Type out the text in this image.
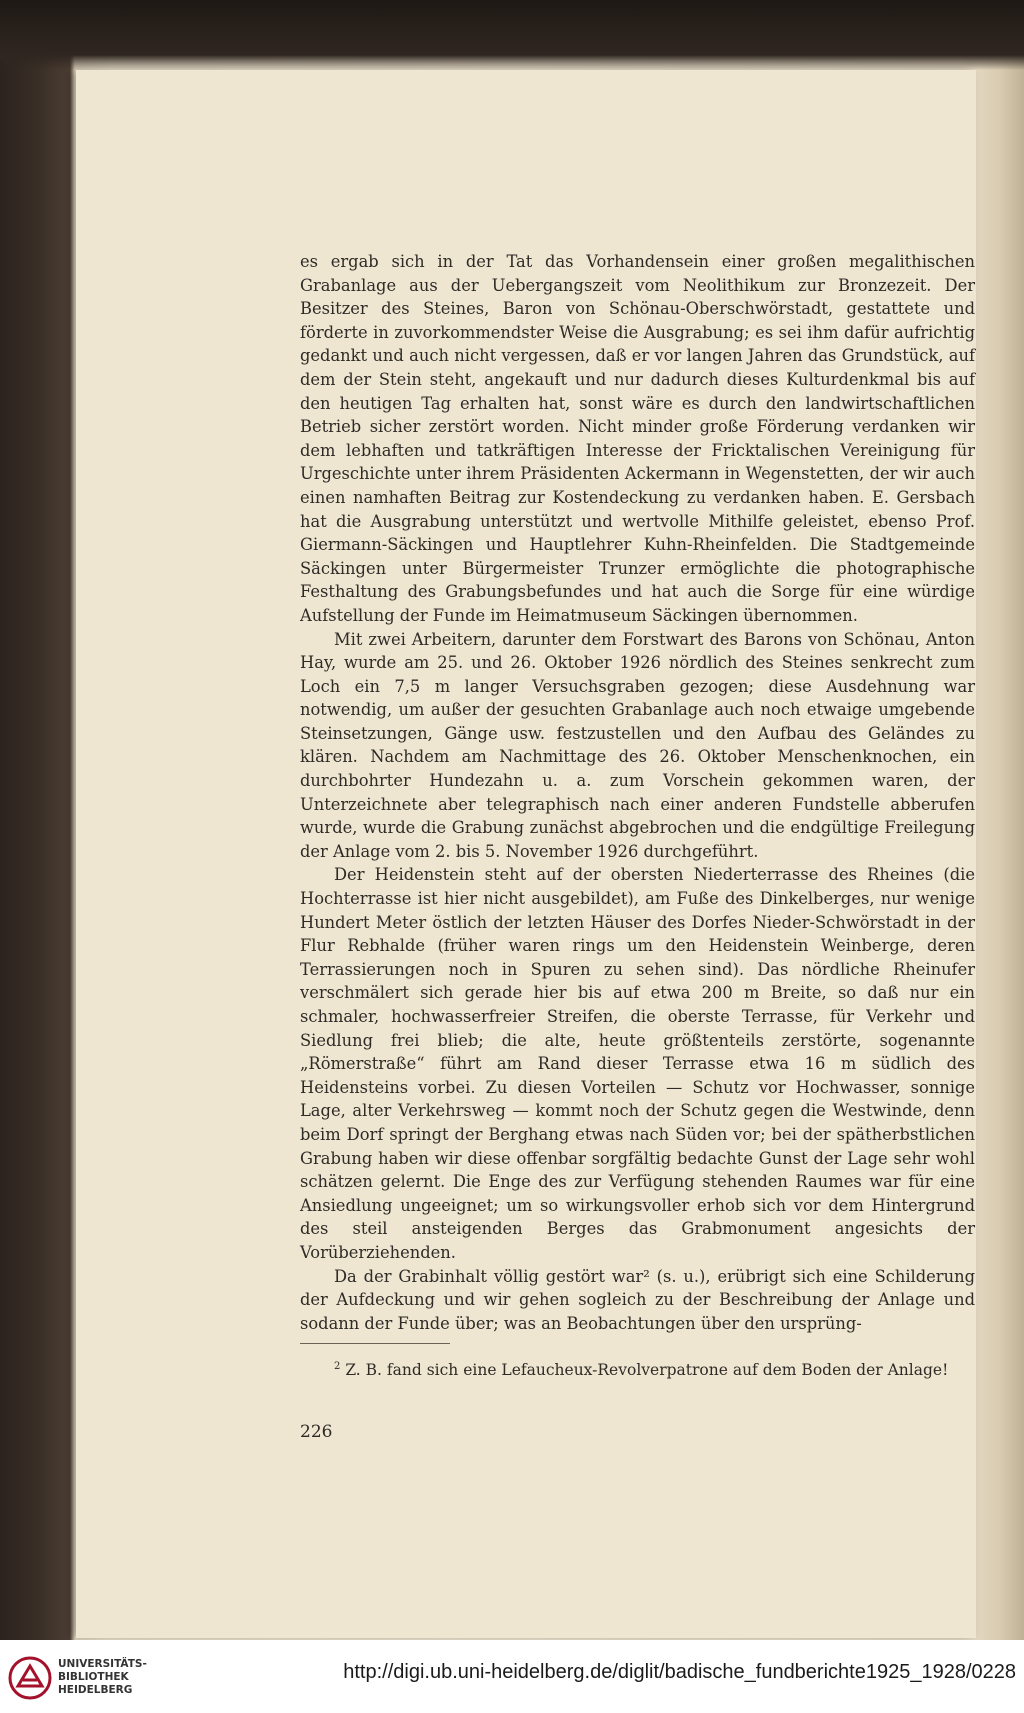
es ergab sich in der Tat das Vorhandensein einer großen megalithischen Grabanlage aus der Uebergangszeit vom Neolithikum zur Bronzezeit. Der Besitzer des Steines, Baron von Schönau-Oberschwörstadt, gestattete und förderte in zuvorkommendster Weise die Ausgrabung; es sei ihm dafür aufrichtig gedankt und auch nicht vergessen, daß er vor langen Jahren das Grundstück, auf dem der Stein steht, angekauft und nur dadurch dieses Kulturdenkmal bis auf den heutigen Tag erhalten hat, sonst wäre es durch den landwirtschaftlichen Betrieb sicher zerstört worden. Nicht minder große Förderung verdanken wir dem lebhaften und tatkräftigen Interesse der Fricktalischen Vereinigung für Urgeschichte unter ihrem Präsidenten Ackermann in Wegenstetten, der wir auch einen namhaften Beitrag zur Kostendeckung zu verdanken haben. E. Gersbach hat die Ausgrabung unterstützt und wertvolle Mithilfe geleistet, ebenso Prof. Giermann-Säckingen und Hauptlehrer Kuhn-Rheinfelden. Die Stadtgemeinde Säckingen unter Bürgermeister Trunzer ermöglichte die photographische Festhaltung des Grabungsbefundes und hat auch die Sorge für eine würdige Aufstellung der Funde im Heimatmuseum Säckingen übernommen.

Mit zwei Arbeitern, darunter dem Forstwart des Barons von Schönau, Anton Hay, wurde am 25. und 26. Oktober 1926 nördlich des Steines senkrecht zum Loch ein 7,5 m langer Versuchsgraben gezogen; diese Ausdehnung war notwendig, um außer der gesuchten Grabanlage auch noch etwaige umgebende Steinsetzungen, Gänge usw. festzustellen und den Aufbau des Geländes zu klären. Nachdem am Nachmittage des 26. Oktober Menschenknochen, ein durchbohrter Hundezahn u. a. zum Vorschein gekommen waren, der Unterzeichnete aber telegraphisch nach einer anderen Fundstelle abberufen wurde, wurde die Grabung zunächst abgebrochen und die endgültige Freilegung der Anlage vom 2. bis 5. November 1926 durchgeführt.

Der Heidenstein steht auf der obersten Niederterrasse des Rheines (die Hochterrasse ist hier nicht ausgebildet), am Fuße des Dinkelberges, nur wenige Hundert Meter östlich der letzten Häuser des Dorfes Nieder-Schwörstadt in der Flur Rebhalde (früher waren rings um den Heidenstein Weinberge, deren Terrassierungen noch in Spuren zu sehen sind). Das nördliche Rheinufer verschmälert sich gerade hier bis auf etwa 200 m Breite, so daß nur ein schmaler, hochwasserfreier Streifen, die oberste Terrasse, für Verkehr und Siedlung frei blieb; die alte, heute größtenteils zerstörte, sogenannte „Römerstraße“ führt am Rand dieser Terrasse etwa 16 m südlich des Heidensteins vorbei. Zu diesen Vorteilen — Schutz vor Hochwasser, sonnige Lage, alter Verkehrsweg — kommt noch der Schutz gegen die Westwinde, denn beim Dorf springt der Berghang etwas nach Süden vor; bei der spätherbstlichen Grabung haben wir diese offenbar sorgfältig bedachte Gunst der Lage sehr wohl schätzen gelernt. Die Enge des zur Verfügung stehenden Raumes war für eine Ansiedlung ungeeignet; um so wirkungsvoller erhob sich vor dem Hintergrund des steil ansteigenden Berges das Grabmonument angesichts der Vorüberziehenden.

Da der Grabinhalt völlig gestört war² (s. u.), erübrigt sich eine Schilderung der Aufdeckung und wir gehen sogleich zu der Beschreibung der Anlage und sodann der Funde über; was an Beobachtungen über den ursprüng-

$^2$ Z. B. fand sich eine Lefaucheux-Revolverpatrone auf dem Boden der Anlage!
226
UNIVERSITÄTS-
BIBLIOTHEK
HEIDELBERG
http://digi.ub.uni-heidelberg.de/diglit/badische_fundberichte1925_1928/0228
